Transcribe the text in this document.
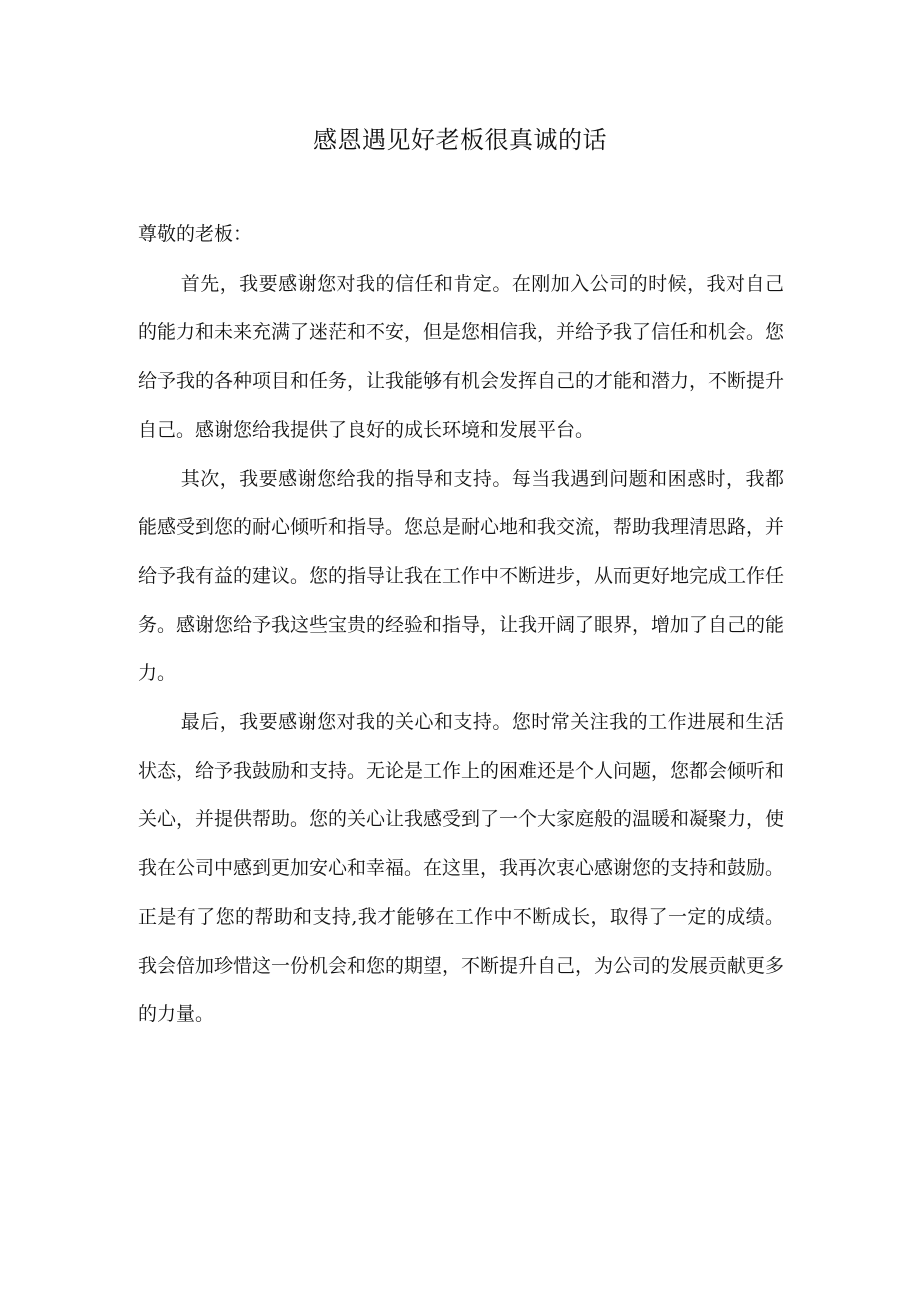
感恩遇见好老板很真诚的话

尊敬的老板：

首先，我要感谢您对我的信任和肯定。在刚加入公司的时候，我对自己的能力和未来充满了迷茫和不安，但是您相信我，并给予我了信任和机会。您给予我的各种项目和任务，让我能够有机会发挥自己的才能和潜力，不断提升自己。感谢您给我提供了良好的成长环境和发展平台。

其次，我要感谢您给我的指导和支持。每当我遇到问题和困惑时，我都能感受到您的耐心倾听和指导。您总是耐心地和我交流，帮助我理清思路，并给予我有益的建议。您的指导让我在工作中不断进步，从而更好地完成工作任务。感谢您给予我这些宝贵的经验和指导，让我开阔了眼界，增加了自己的能力。

最后，我要感谢您对我的关心和支持。您时常关注我的工作进展和生活状态，给予我鼓励和支持。无论是工作上的困难还是个人问题，您都会倾听和关心，并提供帮助。您的关心让我感受到了一个大家庭般的温暖和凝聚力，使我在公司中感到更加安心和幸福。在这里，我再次衷心感谢您的支持和鼓励。正是有了您的帮助和支持,我才能够在工作中不断成长，取得了一定的成绩。我会倍加珍惜这一份机会和您的期望，不断提升自己，为公司的发展贡献更多的力量。
